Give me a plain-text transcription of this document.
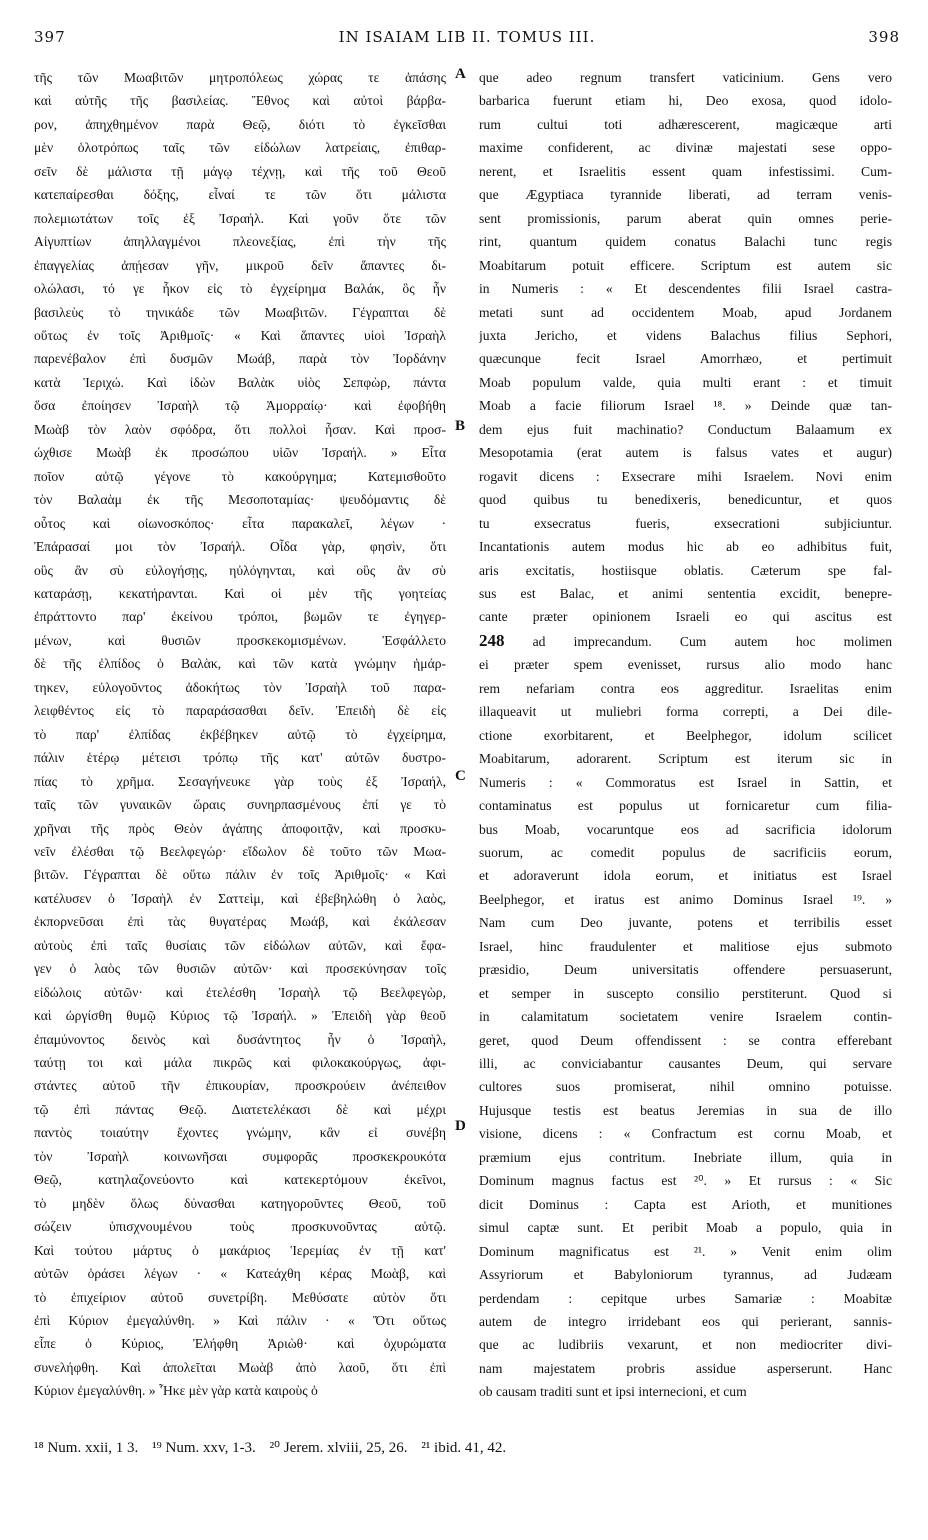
397	IN ISAIAM LIB II. TOMUS III.	398
τῆς τῶν Μωαβιτῶν μητροπόλεως χώρας τε ἁπάσης
καὶ αὐτῆς τῆς βασιλείας. Ἔθνος καὶ αὐτοὶ βάρβα-
ρον, ἀπηχθημένον παρὰ Θεῷ, διότι τὸ ἐγκεῖσθαι
μὲν ὁλοτρόπως ταῖς τῶν εἰδώλων λατρείαις, ἐπιθαρ-
σεῖν δὲ μάλιστα τῇ μάγῳ τέχνῃ, καὶ τῆς τοῦ Θεοῦ
κατεπαίρεσθαι δόξης, εἶναί τε τῶν ὅτι μάλιστα
πολεμιωτάτων τοῖς ἐξ Ἰσραήλ. Καὶ γοῦν ὅτε τῶν
Αἰγυπτίων ἀπηλλαγμένοι πλεονεξίας, ἐπὶ τὴν τῆς
ἐπαγγελίας ἀπῄεσαν γῆν, μικροῦ δεῖν ἅπαντες δι-
ολώλασι, τό γε ἧκον εἰς τὸ ἐγχείρημα Βαλάκ, ὃς ἦν
βασιλεὺς τὸ τηνικάδε τῶν Μωαβιτῶν. Γέγραπται δὲ
οὕτως ἐν τοῖς Ἀριθμοῖς· « Καὶ ἅπαντες υἱοὶ Ἰσραὴλ
παρενέβαλον ἐπὶ δυσμῶν Μωάβ, παρὰ τὸν Ἰορδάνην
κατὰ Ἱεριχώ. Καὶ ἰδὼν Βαλὰκ υἱὸς Σεπφὼρ, πάντα
ὅσα ἐποίησεν Ἰσραὴλ τῷ Ἀμορραίῳ· καὶ ἐφοβήθη
Μωὰβ τὸν λαὸν σφόδρα, ὅτι πολλοὶ ἦσαν. Καὶ προσ-
ώχθισε Μωὰβ ἐκ προσώπου υἱῶν Ἰσραήλ. » Εἶτα
ποῖον αὐτῷ γέγονε τὸ κακούργημα; Κατεμισθοῦτο
τὸν Βαλαὰμ ἐκ τῆς Μεσοποταμίας· ψευδόμαντις δὲ
οὗτος καὶ οἰωνοσκόπος· εἶτα παρακαλεῖ, λέγων ·
Ἐπάρασαί μοι τὸν Ἰσραήλ. Οἶδα γὰρ, φησὶν, ὅτι
οὓς ἂν σὺ εὐλογήσῃς, ηὐλόγηνται, καὶ οὓς ἂν σὺ
καταράσῃ, κεκατήρανται. Καὶ οἱ μὲν τῆς γοητείας
ἐπράττοντο παρ' ἐκείνου τρόποι, βωμῶν τε ἐγηγερ-
μένων, καὶ θυσιῶν προσκεκομισμένων. Ἐσφάλλετο
δὲ τῆς ἐλπίδος ὁ Βαλὰκ, καὶ τῶν κατὰ γνώμην ἡμάρ-
τηκεν, εὐλογοῦντος ἀδοκήτως τὸν Ἰσραὴλ τοῦ παρα-
λειφθέντος εἰς τὸ παραράσασθαι δεῖν. Ἐπειδὴ δὲ εἰς
τὸ παρ' ἐλπίδας ἐκβέβηκεν αὐτῷ τὸ ἐγχείρημα,
πάλιν ἑτέρῳ μέτεισι τρόπῳ τῆς κατ' αὐτῶν δυστρο-
πίας τὸ χρῆμα. Σεσαγήνευκε γὰρ τοὺς ἐξ Ἰσραήλ,
ταῖς τῶν γυναικῶν ὥραις συνηρπασμένους ἐπί γε τὸ
χρῆναι τῆς πρὸς Θεὸν ἀγάπης ἀποφοιτᾷν, καὶ προσκυ-
νεῖν ἐλέσθαι τῷ Βεελφεγώρ· εἴδωλον δὲ τοῦτο τῶν Μωα-
βιτῶν. Γέγραπται δὲ οὕτω πάλιν ἐν τοῖς Ἀριθμοῖς· « Καὶ
κατέλυσεν ὁ Ἰσραὴλ ἐν Σαττεὶμ, καὶ ἐβεβηλώθη ὁ λαὸς,
ἐκπορνεῦσαι ἐπὶ τὰς θυγατέρας Μωάβ, καὶ ἐκάλεσαν
αὐτοὺς ἐπὶ ταῖς θυσίαις τῶν εἰδώλων αὐτῶν, καὶ ἔφα-
γεν ὁ λαὸς τῶν θυσιῶν αὐτῶν· καὶ προσεκύνησαν τοῖς
εἰδώλοις αὐτῶν· καὶ ἐτελέσθη Ἰσραὴλ τῷ Βεελφεγὼρ,
καὶ ὠργίσθη θυμῷ Κύριος τῷ Ἰσραήλ. » Ἐπειδὴ γὰρ θεοῦ
ἐπαμύνοντος δεινὸς καὶ δυσάντητος ἦν ὁ Ἰσραὴλ,
ταύτῃ τοι καὶ μάλα πικρῶς καὶ φιλοκακούργως, ἀφι-
στάντες αὐτοῦ τῆν ἐπικουρίαν, προσκρούειν ἀνέπειθον
τῷ ἐπὶ πάντας Θεῷ. Διατετελέκασι δὲ καὶ μέχρι
παντὸς τοιαύτην ἔχοντες γνώμην, κἂν εἰ συνέβη
τὸν Ἰσραὴλ κοινωνῆσαι συμφορᾶς προσκεκρουκότα
Θεῷ, κατηλαζονεύοντο καὶ κατεκερτόμουν ἐκεῖνοι,
τὸ μηδὲν ὅλως δύνασθαι κατηγοροῦντες Θεοῦ, τοῦ
σώζειν ὑπισχνουμένου τοὺς προσκυνοῦντας αὐτῷ.
Καὶ τούτου μάρτυς ὁ μακάριος Ἱερεμίας ἐν τῇ κατ'
αὐτῶν ὁράσει λέγων · « Κατεάχθη κέρας Μωὰβ, καὶ
τὸ ἐπιχείριον αὐτοῦ συνετρίβη. Μεθύσατε αὐτὸν ὅτι
ἐπὶ Κύριον ἐμεγαλύνθη. » Καὶ πάλιν · « Ὅτι οὕτως
εἶπε ὁ Κύριος, Ἐλήφθη Ἀριὼθ· καὶ ὀχυρώματα
συνελήφθη. Καὶ ἀπολεῖται Μωὰβ ἀπὸ λαοῦ, ὅτι ἐπὶ
Κύριον ἐμεγαλύνθη. » Ἧκε μὲν γὰρ κατὰ καιροὺς ὁ
A
B
C
D
que adeo regnum transfert vaticinium. Gens vero
barbarica fuerunt etiam hi, Deo exosa, quod idolo-
rum cultui toti adhærescerent, magicæque arti
maxime confiderent, ac divinæ majestati sese oppo-
nerent, et Israelitis essent quam infestissimi. Cum-
que Ægyptiaca tyrannide liberati, ad terram venis-
sent promissionis, parum aberat quin omnes perie-
rint, quantum quidem conatus Balachi tunc regis
Moabitarum potuit efficere. Scriptum est autem sic
in Numeris : « Et descendentes filii Israel castra-
metati sunt ad occidentem Moab, apud Jordanem
juxta Jericho, et videns Balachus filius Sephori,
quæcunque fecit Israel Amorrhæo, et pertimuit
Moab populum valde, quia multi erant : et timuit
Moab a facie filiorum Israel ¹⁸. » Deinde quæ tan-
dem ejus fuit machinatio? Conductum Balaamum ex
Mesopotamia (erat autem is falsus vates et augur)
rogavit dicens : Exsecrare mihi Israelem. Novi enim
quod quibus tu benedixeris, benedicuntur, et quos
tu exsecratus fueris, exsecrationi subjiciuntur.
Incantationis autem modus hic ab eo adhibitus fuit,
aris excitatis, hostiisque oblatis. Cæterum spe fal-
sus est Balac, et animi sententia excidit, benepre-
cante præter opinionem Israeli eo qui ascitus est
248 ad imprecandum. Cum autem hoc molimen
ei præter spem evenisset, rursus alio modo hanc
rem nefariam contra eos aggreditur. Israelitas enim
illaqueavit ut muliebri forma correpti, a Dei dile-
ctione exorbitarent, et Beelphegor, idolum scilicet
Moabitarum, adorarent. Scriptum est iterum sic in
Numeris : « Commoratus est Israel in Sattin, et
contaminatus est populus ut fornicaretur cum filia-
bus Moab, vocaruntque eos ad sacrificia idolorum
suorum, ac comedit populus de sacrificiis eorum,
et adoraverunt idola eorum, et initiatus est Israel
Beelphegor, et iratus est animo Dominus Israel ¹⁹. »
Nam cum Deo juvante, potens et terribilis esset
Israel, hinc fraudulenter et malitiose ejus submoto
præsidio, Deum universitatis offendere persuaserunt,
et semper in suscepto consilio perstiterunt. Quod si
in calamitatum societatem venire Israelem contin-
geret, quod Deum offendissent : se contra efferebant
illi, ac conviciabantur causantes Deum, qui servare
cultores suos promiserat, nihil omnino potuisse.
Hujusque testis est beatus Jeremias in sua de illo
visione, dicens : « Confractum est cornu Moab, et
præmium ejus contritum. Inebriate illum, quia in
Dominum magnus factus est ²⁰. » Et rursus : « Sic
dicit Dominus : Capta est Arioth, et munitiones
simul captæ sunt. Et peribit Moab a populo, quia in
Dominum magnificatus est ²¹. » Venit enim olim
Assyriorum et Babyloniorum tyrannus, ad Judæam
perdendam : cepitque urbes Samariæ : Moabitæ
autem de integro irridebant eos qui perierant, sannis-
que ac ludibriis vexarunt, et non mediocriter divi-
nam majestatem probris assidue asperserunt. Hanc
ob causam traditi sunt et ipsi internecioni, et cum
¹⁸ Num. xxii, 1 3. ¹⁹ Num. xxv, 1-3. ²⁰ Jerem. xlviii, 25, 26. ²¹ ibid. 41, 42.
